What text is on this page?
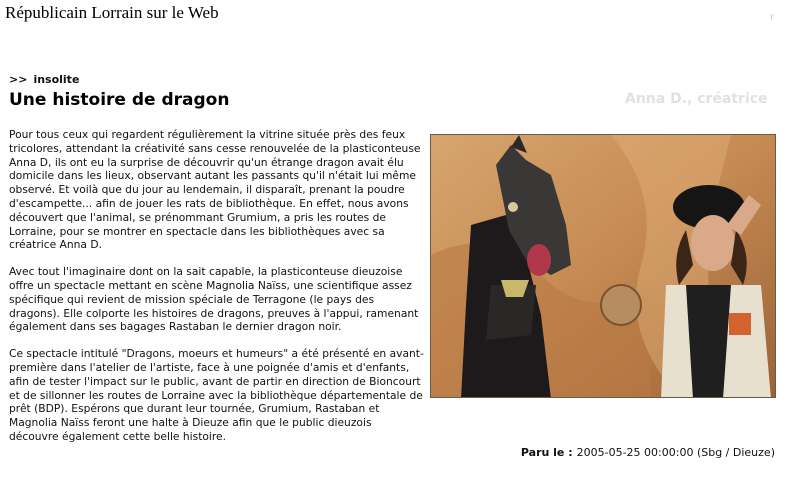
Républicain Lorrain sur le Web	r
Anna D., créatrice
>> insolite
Une histoire de dragon

Pour tous ceux qui regardent régulièrement la vitrine située près des feux tricolores, attendant la créativité sans cesse renouvelée de la plasticonteuse Anna D, ils ont eu la surprise de découvrir qu'un étrange dragon avait élu domicile dans les lieux, observant autant les passants qu'il n'était lui même observé. Et voilà que du jour au lendemain, il disparaît, prenant la poudre d'escampette... afin de jouer les rats de bibliothèque. En effet, nous avons découvert que l'animal, se prénommant Grumium, a pris les routes de Lorraine, pour se montrer en spectacle dans les bibliothèques avec sa créatrice Anna D.

Avec tout l'imaginaire dont on la sait capable, la plasticonteuse dieuzoise offre un spectacle mettant en scène Magnolia Naïss, une scientifique assez spécifique qui revient de mission spéciale de Terragone (le pays des dragons). Elle colporte les histoires de dragons, preuves à l'appui, ramenant également dans ses bagages Rastaban le dernier dragon noir.

Ce spectacle intitulé "Dragons, moeurs et humeurs" a été présenté en avant-première dans l'atelier de l'artiste, face à une poignée d'amis et d'enfants, afin de tester l'impact sur le public, avant de partir en direction de Bioncourt et de sillonner les routes de Lorraine avec la bibliothèque départementale de prêt (BDP). Espérons que durant leur tournée, Grumium, Rastaban et Magnolia Naïss feront une halte à Dieuze afin que le public dieuzois découvre également cette belle histoire.

Paru le : 2005-05-25 00:00:00 (Sbg / Dieuze)
